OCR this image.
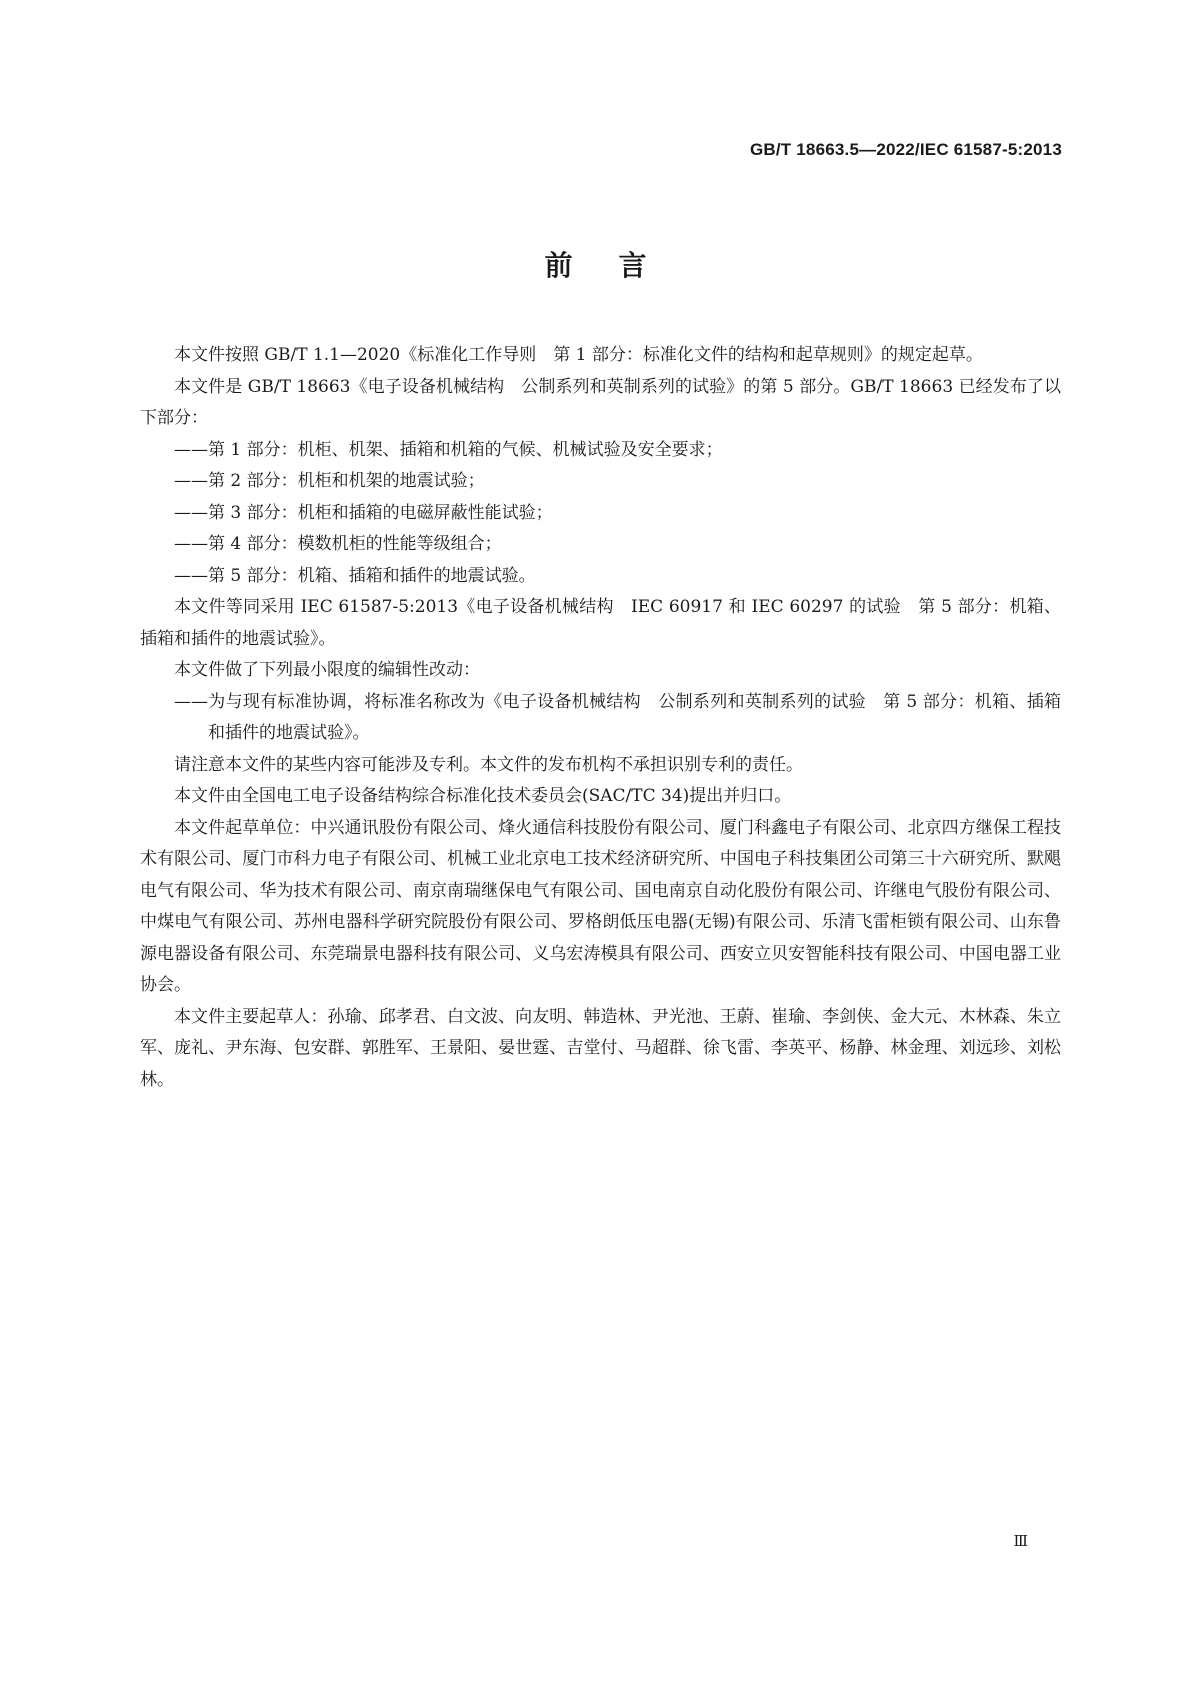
GB/T 18663.5—2022/IEC 61587-5:2013
前言

本文件按照 GB/T 1.1—2020《标准化工作导则　第 1 部分：标准化文件的结构和起草规则》的规定起草。

本文件是 GB/T 18663《电子设备机械结构　公制系列和英制系列的试验》的第 5 部分。GB/T 18663 已经发布了以下部分：

——第 1 部分：机柜、机架、插箱和机箱的气候、机械试验及安全要求；

——第 2 部分：机柜和机架的地震试验；

——第 3 部分：机柜和插箱的电磁屏蔽性能试验；

——第 4 部分：模数机柜的性能等级组合；

——第 5 部分：机箱、插箱和插件的地震试验。

本文件等同采用 IEC 61587-5:2013《电子设备机械结构　IEC 60917 和 IEC 60297 的试验　第 5 部分：机箱、插箱和插件的地震试验》。

本文件做了下列最小限度的编辑性改动：

——为与现有标准协调，将标准名称改为《电子设备机械结构　公制系列和英制系列的试验　第 5 部分：机箱、插箱和插件的地震试验》。

请注意本文件的某些内容可能涉及专利。本文件的发布机构不承担识别专利的责任。

本文件由全国电工电子设备结构综合标准化技术委员会(SAC/TC 34)提出并归口。

本文件起草单位：中兴通讯股份有限公司、烽火通信科技股份有限公司、厦门科鑫电子有限公司、北京四方继保工程技术有限公司、厦门市科力电子有限公司、机械工业北京电工技术经济研究所、中国电子科技集团公司第三十六研究所、默飓电气有限公司、华为技术有限公司、南京南瑞继保电气有限公司、国电南京自动化股份有限公司、许继电气股份有限公司、中煤电气有限公司、苏州电器科学研究院股份有限公司、罗格朗低压电器(无锡)有限公司、乐清飞雷柜锁有限公司、山东鲁源电器设备有限公司、东莞瑞景电器科技有限公司、义乌宏涛模具有限公司、西安立贝安智能科技有限公司、中国电器工业协会。

本文件主要起草人：孙瑜、邱孝君、白文波、向友明、韩造林、尹光池、王蔚、崔瑜、李剑侠、金大元、木林森、朱立军、庞礼、尹东海、包安群、郭胜军、王景阳、晏世霆、吉堂付、马超群、徐飞雷、李英平、杨静、林金理、刘远珍、刘松林。

Ⅲ
